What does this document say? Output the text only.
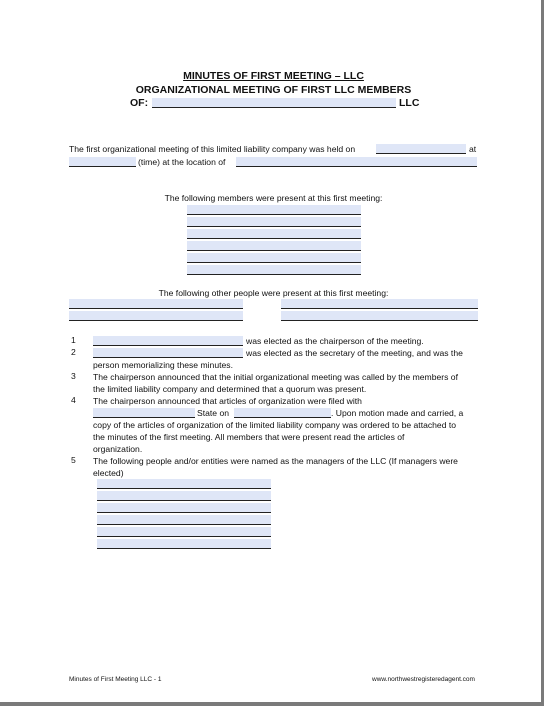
MINUTES OF FIRST MEETING – LLC
ORGANIZATIONAL MEETING OF FIRST LLC MEMBERS
OF:	LLC
The first organizational meeting of this limited liability company was held on	at
(time) at the location of
The following members were present at this first meeting:
The following other people were present at this first meeting:
1	was elected as the chairperson of the meeting.
2	was elected as the secretary of the meeting, and was the
person memorializing these minutes.
3 The chairperson announced that the initial organizational meeting was called by the members of
the limited liability company and determined that a quorum was present.
4 The chairperson announced that articles of organization were filed with
State on	. Upon motion made and carried, a
copy of the articles of organization of the limited liability company was ordered to be attached to
the minutes of the first meeting. All members that were present read the articles of
organization.
5 The following people and/or entities were named as the managers of the LLC (If managers were
elected)
Minutes of First Meeting LLC - 1	www.northwestregisteredagent.com
